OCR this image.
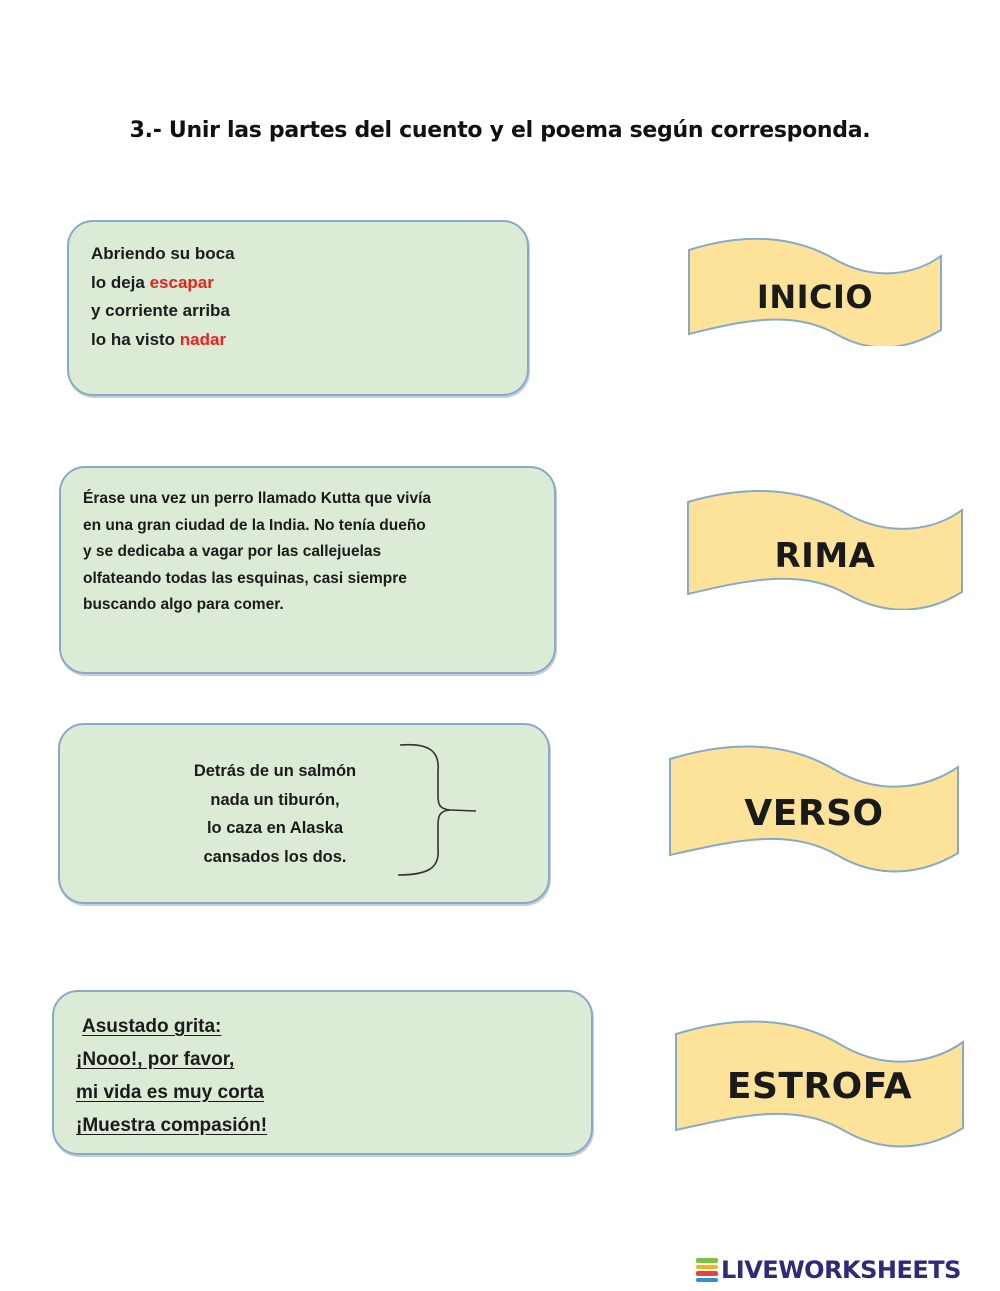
3.- Unir las partes del cuento y el poema según corresponda.
Abriendo su boca
lo deja escapar
y corriente arriba
lo ha visto nadar
Érase una vez un perro llamado Kutta que vivía
en una gran ciudad de la India. No tenía dueño
y se dedicaba a vagar por las callejuelas
olfateando todas las esquinas, casi siempre
buscando algo para comer.
Detrás de un salmón
nada un tiburón,
lo caza en Alaska
cansados los dos.
Asustado grita:
¡Nooo!, por favor,
mi vida es muy corta
¡Muestra compasión!
INICIO
RIMA
VERSO
ESTROFA
LIVEWORKSHEETS
